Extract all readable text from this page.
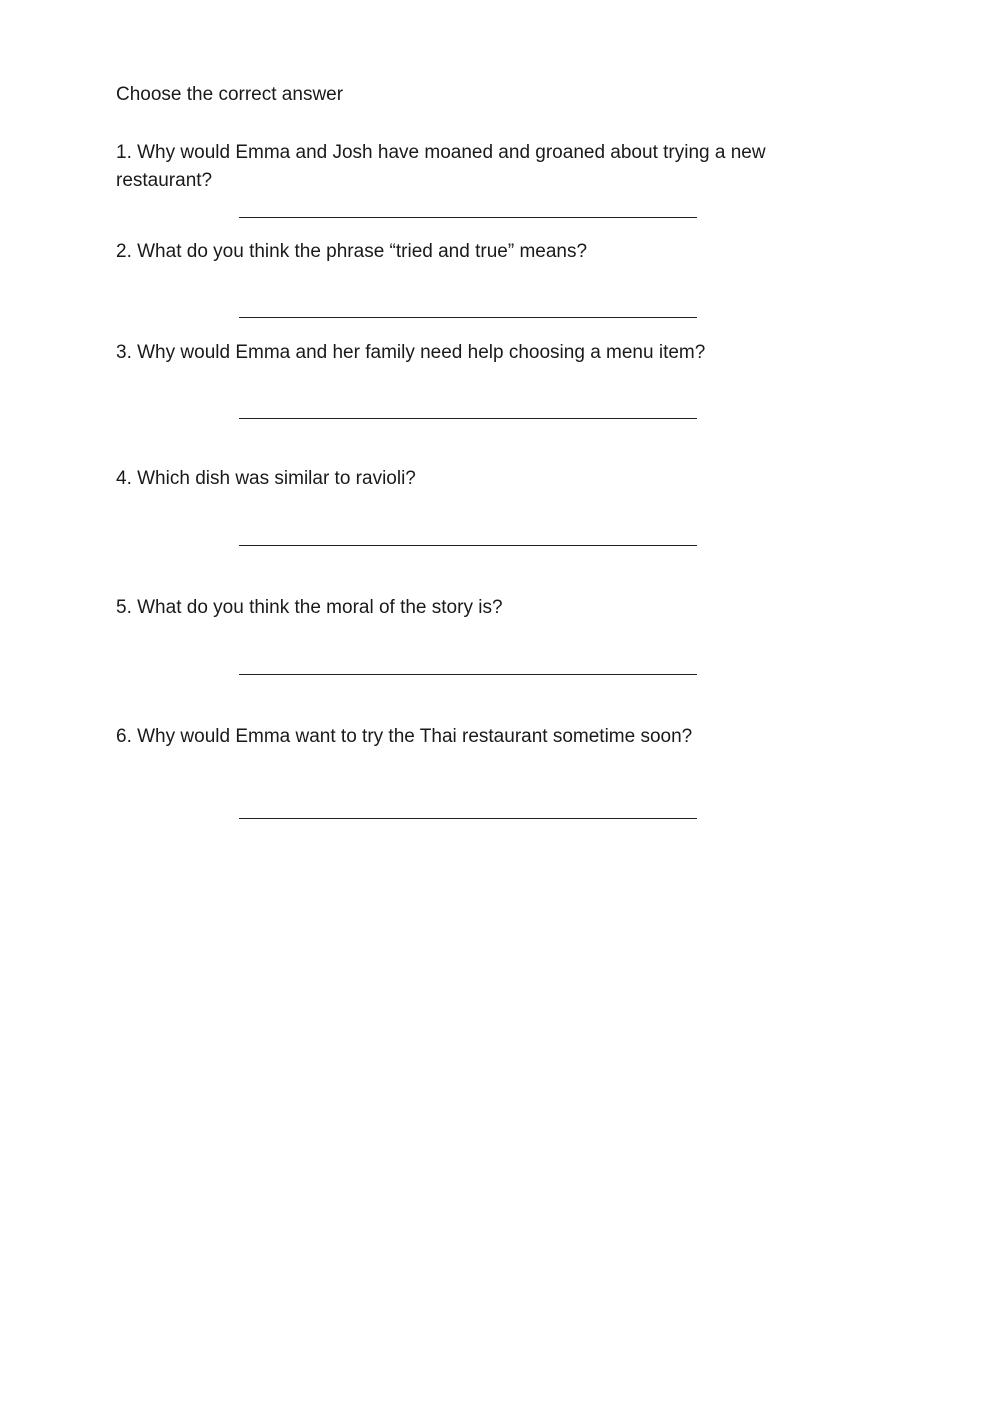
Choose the correct answer

1. Why would Emma and Josh have moaned and groaned about trying a new restaurant?

2. What do you think the phrase “tried and true” means?

3. Why would Emma and her family need help choosing a menu item?

4. Which dish was similar to ravioli?

5. What do you think the moral of the story is?

6. Why would Emma want to try the Thai restaurant sometime soon?
